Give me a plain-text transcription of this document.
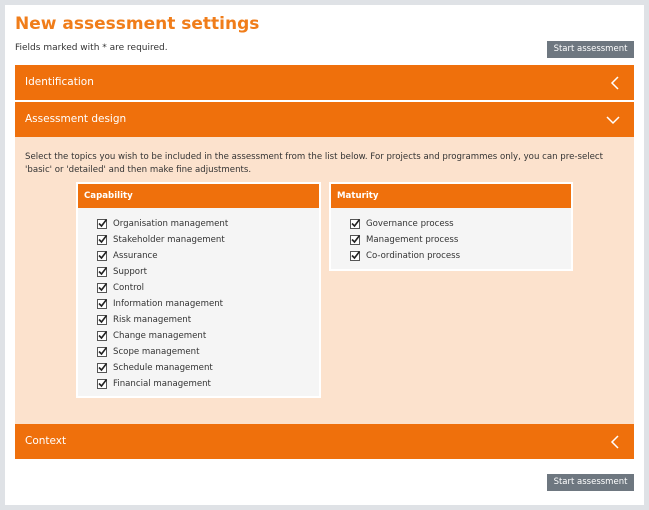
New assessment settings
Fields marked with * are required.	Start assessment
Identification
Assessment design
Select the topics you wish to be included in the assessment from the list below. For projects and programmes only, you can pre-select 'basic' or 'detailed' and then make fine adjustments.
Capability
Organisation management
Stakeholder management
Assurance
Support
Control
Information management
Risk management
Change management
Scope management
Schedule management
Financial management
Maturity
Governance process
Management process
Co-ordination process
Context
Start assessment
